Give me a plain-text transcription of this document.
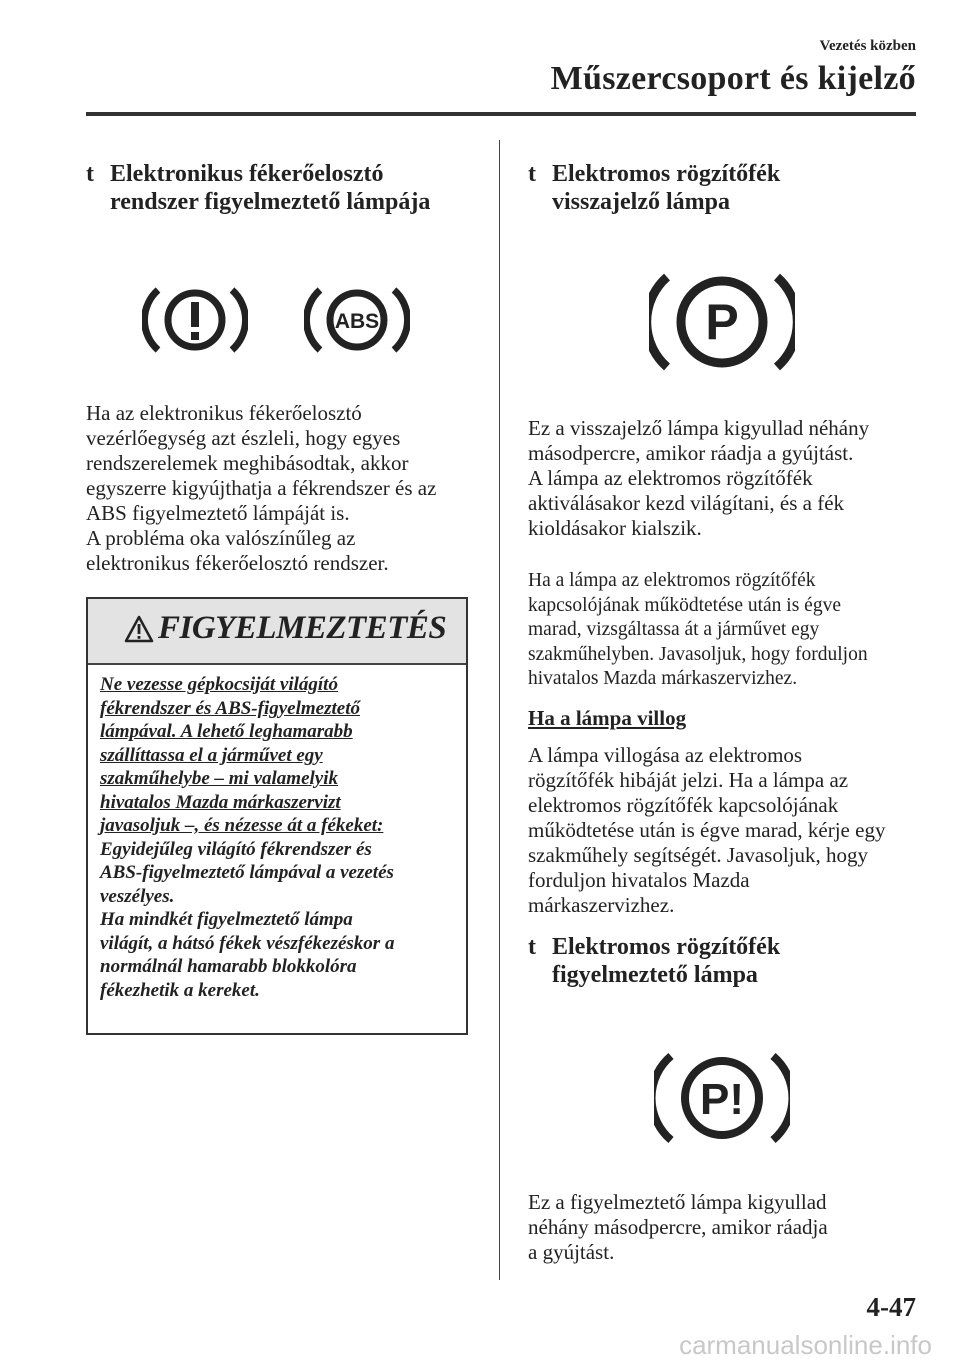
Vezetés közben
Műszercsoport és kijelző
t Elektronikus fékerőelosztó
rendszer figyelmeztető lámpája
ABS
Ha az elektronikus fékerőelosztó
vezérlőegység azt észleli, hogy egyes
rendszerelemek meghibásodtak, akkor
egyszerre kigyújthatja a fékrendszer és az
ABS figyelmeztető lámpáját is.
A probléma oka valószínűleg az
elektronikus fékerőelosztó rendszer.
FIGYELMEZTETÉS
Ne vezesse gépkocsiját világító
fékrendszer és ABS-figyelmeztető
lámpával. A lehető leghamarabb
szállíttassa el a járművet egy
szakműhelybe – mi valamelyik
hivatalos Mazda márkaszervizt
javasoljuk –, és nézesse át a fékeket:
Egyidejűleg világító fékrendszer és
ABS-figyelmeztető lámpával a vezetés
veszélyes.
Ha mindkét figyelmeztető lámpa
világít, a hátsó fékek vészfékezéskor a
normálnál hamarabb blokkolóra
fékezhetik a kereket.
t Elektromos rögzítőfék
visszajelző lámpa
P
Ez a visszajelző lámpa kigyullad néhány
másodpercre, amikor ráadja a gyújtást.
A lámpa az elektromos rögzítőfék
aktiválásakor kezd világítani, és a fék
kioldásakor kialszik.
Ha a lámpa az elektromos rögzítőfék
kapcsolójának működtetése után is égve
marad, vizsgáltassa át a járművet egy
szakműhelyben. Javasoljuk, hogy forduljon
hivatalos Mazda márkaszervizhez.
Ha a lámpa villog
A lámpa villogása az elektromos
rögzítőfék hibáját jelzi. Ha a lámpa az
elektromos rögzítőfék kapcsolójának
működtetése után is égve marad, kérje egy
szakműhely segítségét. Javasoljuk, hogy
forduljon hivatalos Mazda
márkaszervizhez.
t Elektromos rögzítőfék
figyelmeztető lámpa
P!
Ez a figyelmeztető lámpa kigyullad
néhány másodpercre, amikor ráadja
a gyújtást.
4-47
carmanualsonline.info
